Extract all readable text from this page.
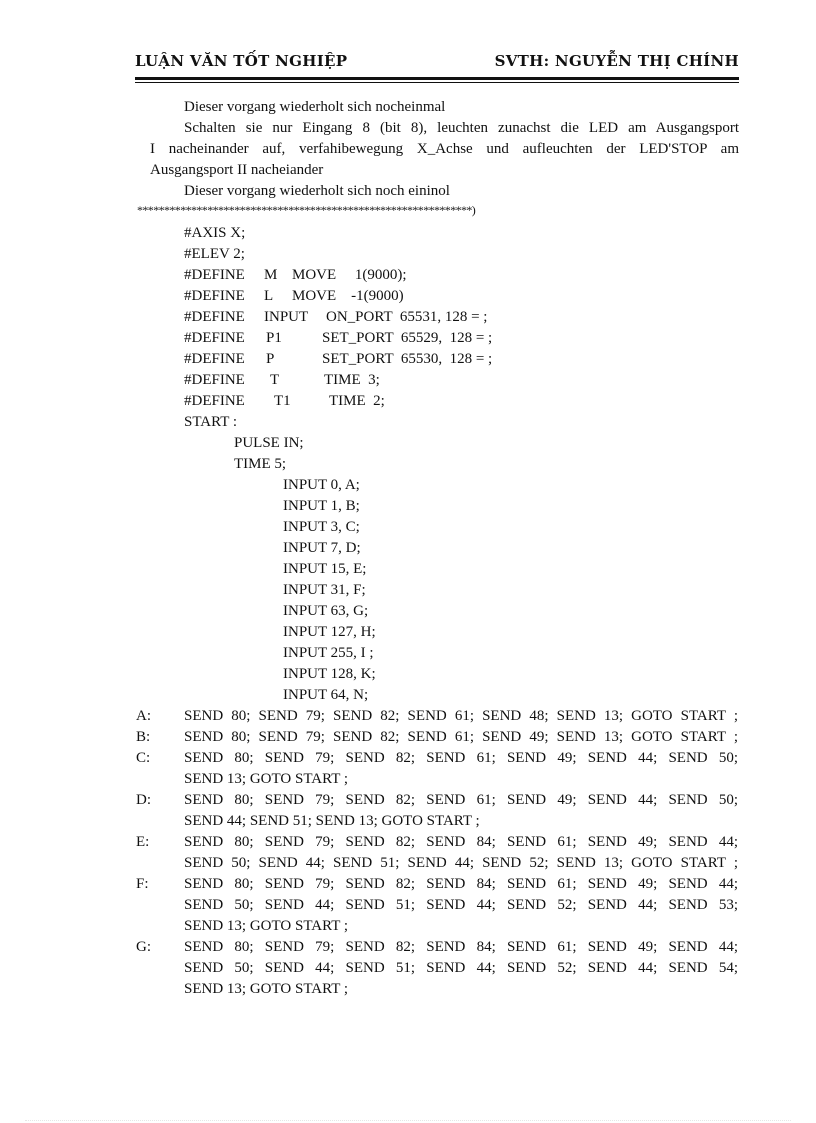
LUẬN VĂN TỐT NGHIỆP	SVTH: NGUYỄN THỊ CHÍNH
Dieser vorgang wiederholt sich nocheinmal
Schalten sie nur Eingang 8 (bit 8), leuchten zunachst die LED am Ausgangsport
I nacheinander auf, verfahibewegung X_Achse und aufleuchten der LED'STOP am
Ausgangsport II nacheiander
Dieser vorgang wiederholt sich noch eininol
**************************************************************)
#AXIS X;
#ELEV 2;
#DEFINE M MOVE     1(9000);
#DEFINE L MOVE    -1(9000)
#DEFINE INPUT ON_PORT  65531, 128 = ;
#DEFINE P1	SET_PORT  65529,  128 = ;
#DEFINE P	SET_PORT  65530,  128 = ;
#DEFINE T	TIME  3;
#DEFINE T1	TIME  2;
START :
PULSE IN;
TIME 5;
INPUT 0, A;
INPUT 1, B;
INPUT 3, C;
INPUT 7, D;
INPUT 15, E;
INPUT 31, F;
INPUT 63, G;
INPUT 127, H;
INPUT 255, I ;
INPUT 128, K;
INPUT 64, N;
A: SEND 80; SEND 79; SEND 82; SEND 61; SEND 48; SEND 13; GOTO START ;
B: SEND 80; SEND 79; SEND 82; SEND 61; SEND 49; SEND 13; GOTO START ;
C: SEND 80; SEND 79; SEND 82; SEND 61; SEND 49; SEND 44; SEND 50;
SEND 13; GOTO START ;
D: SEND 80; SEND 79; SEND 82; SEND 61; SEND 49; SEND 44; SEND 50;
SEND 44; SEND 51; SEND 13; GOTO START ;
E: SEND 80; SEND 79; SEND 82; SEND 84; SEND 61; SEND 49; SEND 44;
SEND 50; SEND 44; SEND 51; SEND 44; SEND 52; SEND 13; GOTO START ;
F: SEND 80; SEND 79; SEND 82; SEND 84; SEND 61; SEND 49; SEND 44;
SEND 50; SEND 44; SEND 51; SEND 44; SEND 52; SEND 44; SEND 53;
SEND 13; GOTO START ;
G: SEND 80; SEND 79; SEND 82; SEND 84; SEND 61; SEND 49; SEND 44;
SEND 50; SEND 44; SEND 51; SEND 44; SEND 52; SEND 44; SEND 54;
SEND 13; GOTO START ;
